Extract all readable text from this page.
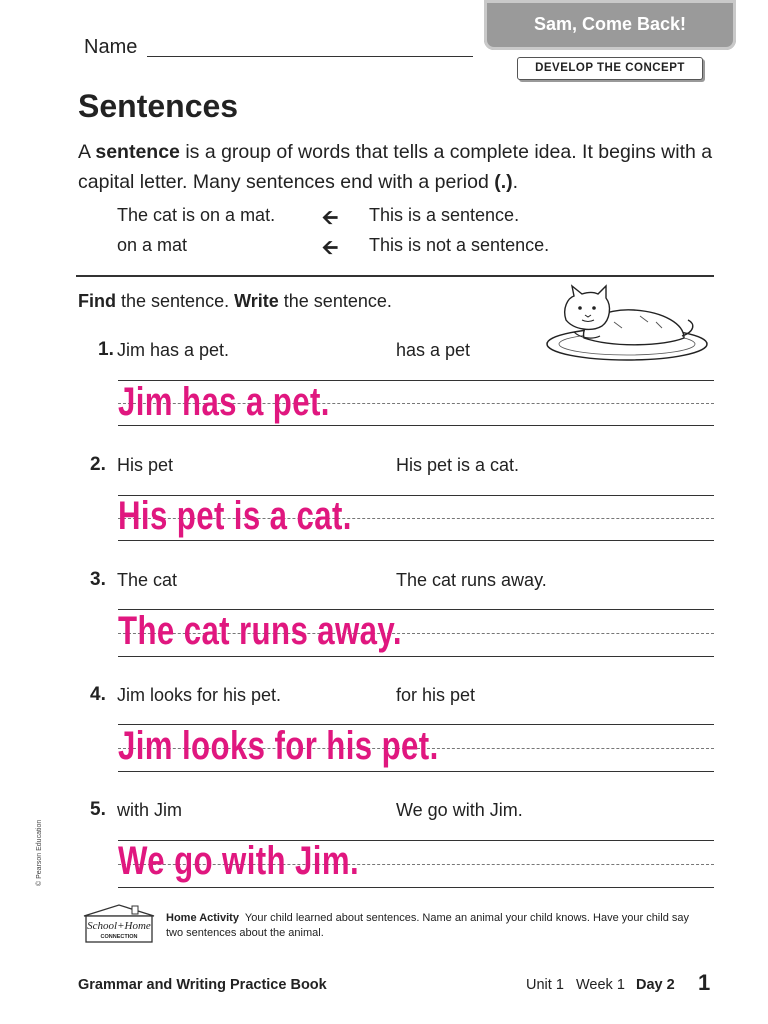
Sam, Come Back!
DEVELOP THE CONCEPT
Name
Sentences
A sentence is a group of words that tells a complete idea. It begins with a capital letter. Many sentences end with a period (.).
The cat is on a mat. 🡨 This is a sentence.
on a mat	🡨 This is not a sentence.
Find the sentence. Write the sentence.
1. Jim has a pet.	has a pet
Jim has a pet.
2. His pet	His pet is a cat.
His pet is a cat.
3. The cat	The cat runs away.
The cat runs away.
4. Jim looks for his pet.	for his pet
Jim looks for his pet.
5. with Jim	We go with Jim.
We go with Jim.
© Pearson Education
School+Home
CONNECTION
Home Activity Your child learned about sentences. Name an animal your child knows. Have your child say two sentences about the animal.
Grammar and Writing Practice Book	Unit 1 Week 1 Day 2 1
